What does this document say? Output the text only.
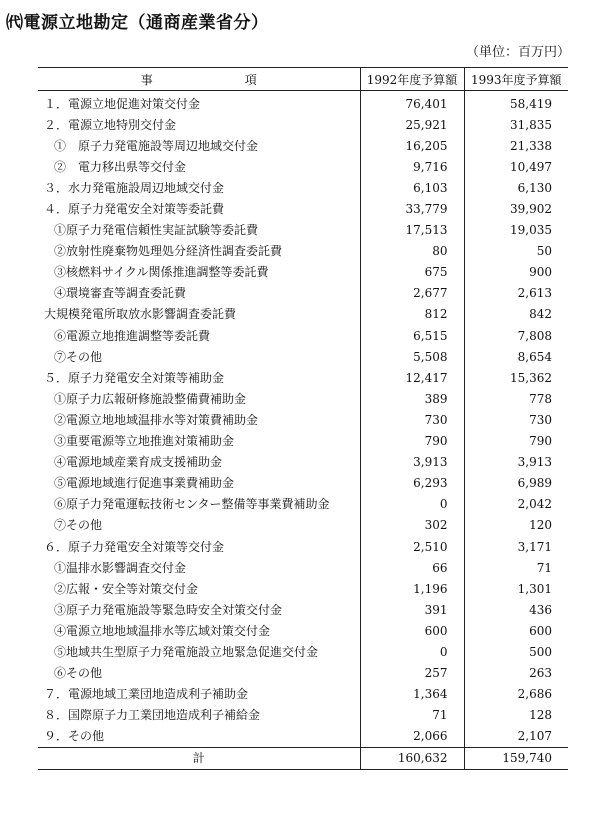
㈹電源立地勘定（通商産業省分）
（単位：百万円）
事　項	1992年度予算額	1993年度予算額
１．電源立地促進対策交付金	76,401	58,419
２．電源立地特別交付金	25,921	31,835
①　原子力発電施設等周辺地域交付金	16,205	21,338
②　電力移出県等交付金	9,716	10,497
３．水力発電施設周辺地域交付金	6,103	6,130
４．原子力発電安全対策等委託費	33,779	39,902
①原子力発電信頼性実証試験等委託費	17,513	19,035
②放射性廃棄物処理処分経済性調査委託費	80	50
③核燃料サイクル関係推進調整等委託費	675	900
④環境審査等調査委託費	2,677	2,613
大規模発電所取放水影響調査委託費	812	842
⑥電源立地推進調整等委託費	6,515	7,808
⑦その他	5,508	8,654
５．原子力発電安全対策等補助金	12,417	15,362
①原子力広報研修施設整備費補助金	389	778
②電源立地地域温排水等対策費補助金	730	730
③重要電源等立地推進対策補助金	790	790
④電源地域産業育成支援補助金	3,913	3,913
⑤電源地域進行促進事業費補助金	6,293	6,989
⑥原子力発電運転技術センター整備等事業費補助金	0	2,042
⑦その他	302	120
６．原子力発電安全対策等交付金	2,510	3,171
①温排水影響調査交付金	66	71
②広報・安全等対策交付金	1,196	1,301
③原子力発電施設等緊急時安全対策交付金	391	436
④電源立地地域温排水等広域対策交付金	600	600
⑤地域共生型原子力発電施設立地緊急促進交付金	0	500
⑥その他	257	263
７．電源地域工業団地造成利子補助金	1,364	2,686
８．国際原子力工業団地造成利子補給金	71	128
９．その他	2,066	2,107
計	160,632	159,740
